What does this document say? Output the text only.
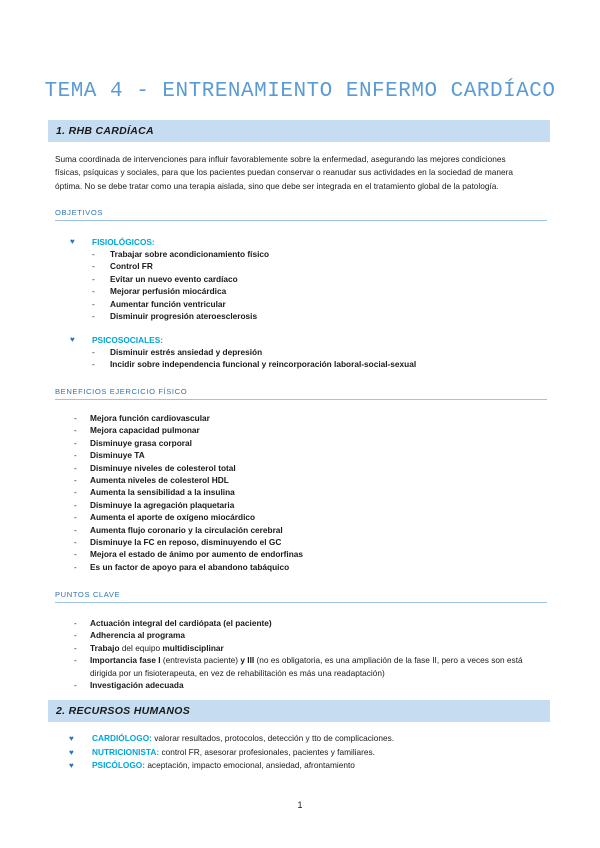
TEMA 4 - ENTRENAMIENTO ENFERMO CARDÍACO
1. RHB CARDÍACA

Suma coordinada de intervenciones para influir favorablemente sobre la enfermedad, asegurando las mejores condiciones
físicas, psíquicas y sociales, para que los pacientes puedan conservar o reanudar sus actividades en la sociedad de manera
óptima. No se debe tratar como una terapia aislada, sino que debe ser integrada en el tratamiento global de la patología.

OBJETIVOS
♥ FISIOLÓGICOS:
- Trabajar sobre acondicionamiento físico
- Control FR
- Evitar un nuevo evento cardíaco
- Mejorar perfusión miocárdica
- Aumentar función ventricular
- Disminuir progresión ateroesclerosis
♥ PSICOSOCIALES:
- Disminuir estrés ansiedad y depresión
- Incidir sobre independencia funcional y reincorporación laboral-social-sexual
BENEFICIOS EJERCICIO FÍSICO
- Mejora función cardiovascular
- Mejora capacidad pulmonar
- Disminuye grasa corporal
- Disminuye TA
- Disminuye niveles de colesterol total
- Aumenta niveles de colesterol HDL
- Aumenta la sensibilidad a la insulina
- Disminuye la agregación plaquetaria
- Aumenta el aporte de oxígeno miocárdico
- Aumenta flujo coronario y la circulación cerebral
- Disminuye la FC en reposo, disminuyendo el GC
- Mejora el estado de ánimo por aumento de endorfinas
- Es un factor de apoyo para el abandono tabáquico
PUNTOS CLAVE
- Actuación integral del cardiópata (el paciente)
- Adherencia al programa
- Trabajo del equipo multidisciplinar
- Importancia fase I (entrevista paciente) y III (no es obligatoria, es una ampliación de la fase II, pero a veces son está dirigida por un fisioterapeuta, en vez de rehabilitación es más una readaptación)
- Investigación adecuada
2. RECURSOS HUMANOS
♥ CARDIÓLOGO: valorar resultados, protocolos, detección y tto de complicaciones.
♥ NUTRICIONISTA: control FR, asesorar profesionales, pacientes y familiares.
♥ PSICÓLOGO: aceptación, impacto emocional, ansiedad, afrontamiento
1
